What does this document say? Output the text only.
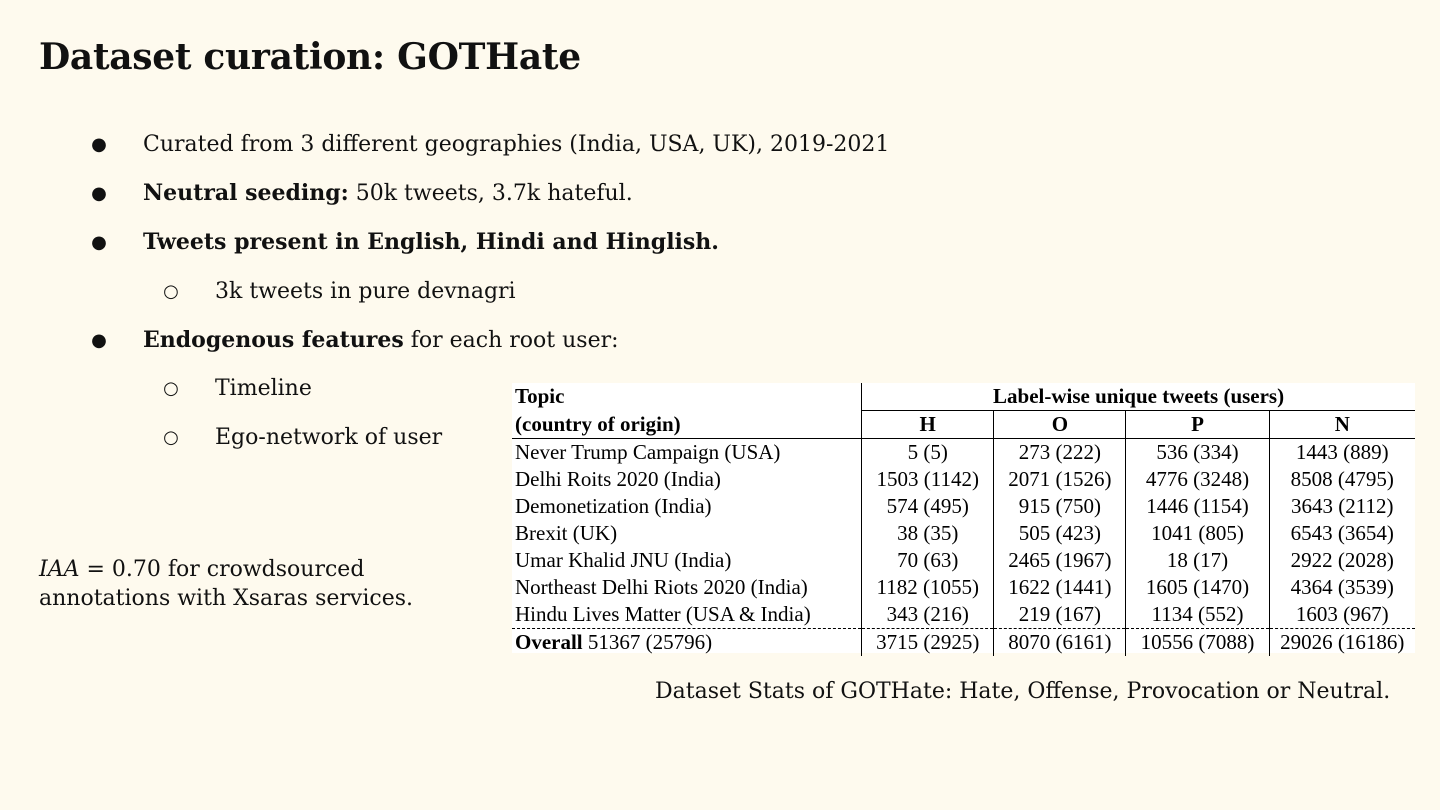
Dataset curation: GOTHate
●	Curated from 3 different geographies (India, USA, UK), 2019-2021
●	Neutral seeding: 50k tweets, 3.7k hateful.
●	Tweets present in English, Hindi and Hinglish.
○	3k tweets in pure devnagri
●	Endogenous features for each root user:
○	Timeline
○	Ego-network of user
IAA = 0.70 for crowdsourced annotations with Xsaras services.
Topic	Label-wise unique tweets (users)			
(country of origin)	H	O	P	N
Never Trump Campaign (USA)	5 (5)	273 (222)	536 (334)	1443 (889)
Delhi Roits 2020 (India)	1503 (1142)	2071 (1526)	4776 (3248)	8508 (4795)
Demonetization (India)	574 (495)	915 (750)	1446 (1154)	3643 (2112)
Brexit (UK)	38 (35)	505 (423)	1041 (805)	6543 (3654)
Umar Khalid JNU (India)	70 (63)	2465 (1967)	18 (17)	2922 (2028)
Northeast Delhi Riots 2020 (India)	1182 (1055)	1622 (1441)	1605 (1470)	4364 (3539)
Hindu Lives Matter (USA & India)	343 (216)	219 (167)	1134 (552)	1603 (967)
Overall 51367 (25796)	3715 (2925)	8070 (6161)	10556 (7088)	29026 (16186)
Dataset Stats of GOTHate: Hate, Offense, Provocation or Neutral.
